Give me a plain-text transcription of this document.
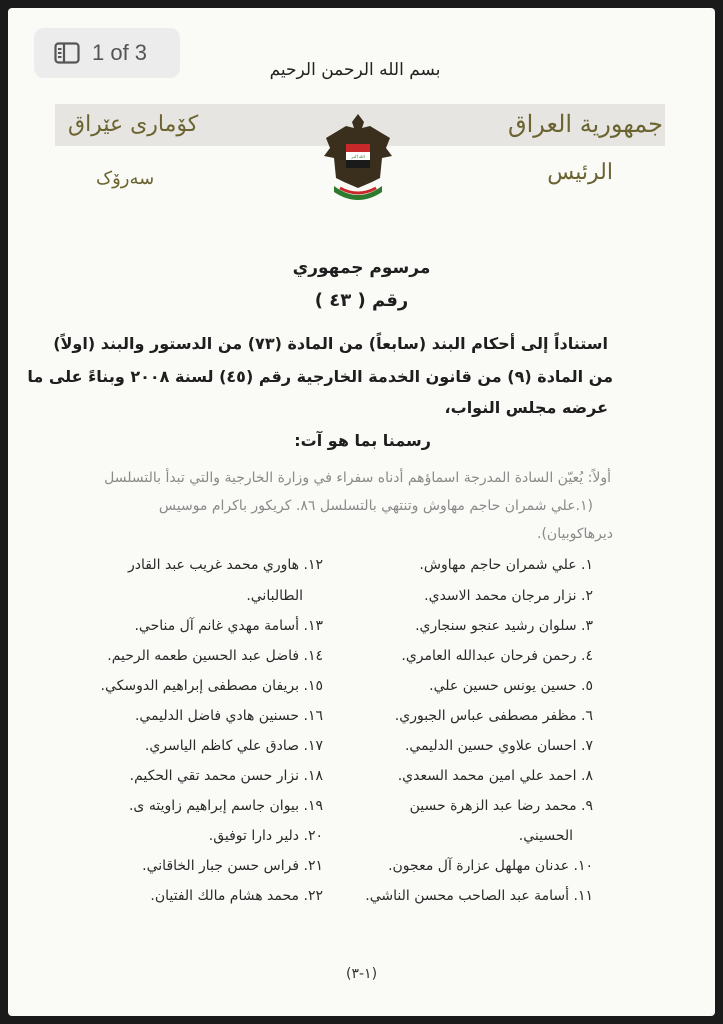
1 of 3
بسم الله الرحمن الرحيم
جمهورية العراق
الرئيس
كۆماری عێراق
سەرۆک
الله أكبر
مرسوم جمهوري
رقم ( ٤٣ )
استناداً إلى أحكام البند (سابعاً) من المادة (٧٣) من الدستور والبند (اولاً)
من المادة (٩) من قانون الخدمة الخارجية رقم (٤٥) لسنة ٢٠٠٨ وبناءً على ما
عرضه مجلس النواب،
رسمنا بما هو آت:
أولاً: يُعيّن السادة المدرجة اسماؤهم أدناه سفراء في وزارة الخارجية والتي تبدأ بالتسلسل
(١.علي شمران حاجم مهاوش وتنتهي بالتسلسل ٨٦. كريكور باكرام موسيس
ديرهاكوبيان).
١. علي شمران حاجم مهاوش.
٢. نزار مرجان محمد الاسدي.
٣. سلوان رشيد عنجو سنجاري.
٤. رحمن فرحان عبدالله العامري.
٥. حسين يونس حسين علي.
٦. مظفر مصطفى عباس الجبوري.
٧. احسان علاوي حسين الدليمي.
٨. احمد علي امين محمد السعدي.
٩. محمد رضا عبد الزهرة حسين
الحسيني.
١٠. عدنان مهلهل عزارة آل معجون.
١١. أسامة عبد الصاحب محسن الناشي.
١٢. هاوري محمد غريب عبد القادر
الطالباني.
١٣. أسامة مهدي غانم آل مناحي.
١٤. فاضل عبد الحسين طعمه الرحيم.
١٥. بريفان مصطفى إبراهيم الدوسكي.
١٦. حسنين هادي فاضل الدليمي.
١٧. صادق علي كاظم الياسري.
١٨. نزار حسن محمد تقي الحكيم.
١٩. بيوان جاسم إبراهيم زاويته ى.
٢٠. دلير دارا توفيق.
٢١. فراس حسن جبار الخاقاني.
٢٢. محمد هشام مالك الفتيان.
(١-٣)
